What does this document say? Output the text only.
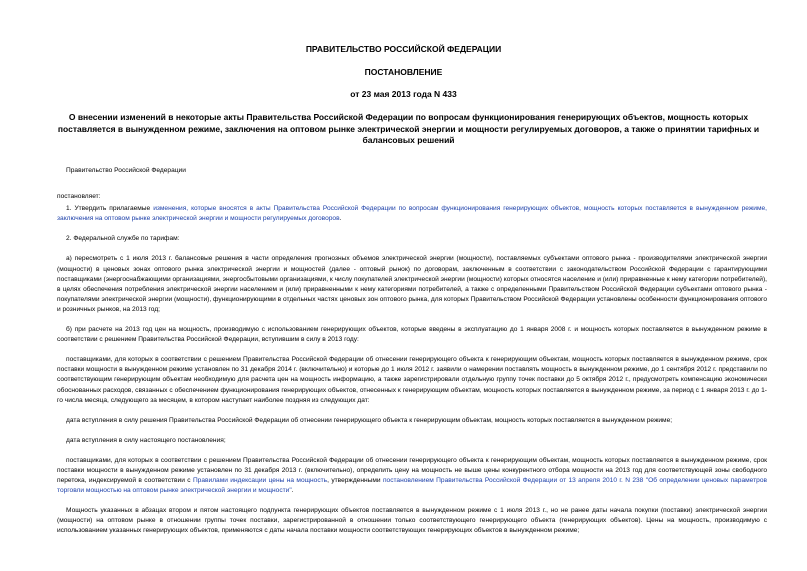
ПРАВИТЕЛЬСТВО РОССИЙСКОЙ ФЕДЕРАЦИИ
ПОСТАНОВЛЕНИЕ
от 23 мая 2013 года N 433
О внесении изменений в некоторые акты Правительства Российской Федерации по вопросам функционирования генерирующих объектов, мощность которых поставляется в вынужденном режиме, заключения на оптовом рынке электрической энергии и мощности регулируемых договоров, а также о принятии тарифных и балансовых решений

Правительство Российской Федерации

постановляет:

1. Утвердить прилагаемые изменения, которые вносятся в акты Правительства Российской Федерации по вопросам функционирования генерирующих объектов, мощность которых поставляется в вынужденном режиме, заключения на оптовом рынке электрической энергии и мощности регулируемых договоров.

2. Федеральной службе по тарифам:

а) пересмотреть с 1 июля 2013 г. балансовые решения в части определения прогнозных объемов электрической энергии (мощности), поставляемых субъектами оптового рынка - производителями электрической энергии (мощности) в ценовых зонах оптового рынка электрической энергии и мощностей (далее - оптовый рынок) по договорам, заключенным в соответствии с законодательством Российской Федерации с гарантирующими поставщиками (энергоснабжающими организациями, энергосбытовыми организациями, к числу покупателей электрической энергии (мощности) которых относятся население и (или) приравненные к нему категории потребителей), в целях обеспечения потребления электрической энергии населением и (или) приравненными к нему категориями потребителей, а также с определенными Правительством Российской Федерации субъектами оптового рынка - покупателями электрической энергии (мощности), функционирующими в отдельных частях ценовых зон оптового рынка, для которых Правительством Российской Федерации установлены особенности функционирования оптового и розничных рынков, на 2013 год;

б) при расчете на 2013 год цен на мощность, производимую с использованием генерирующих объектов, которые введены в эксплуатацию до 1 января 2008 г. и мощность которых поставляется в вынужденном режиме в соответствии с решением Правительства Российской Федерации, вступившим в силу в 2013 году:

поставщиками, для которых в соответствии с решением Правительства Российской Федерации об отнесении генерирующего объекта к генерирующим объектам, мощность которых поставляется в вынужденном режиме, срок поставки мощности в вынужденном режиме установлен по 31 декабря 2014 г. (включительно) и которые до 1 июля 2012 г. заявили о намерении поставлять мощность в вынужденном режиме, до 1 сентября 2012 г. представили по соответствующим генерирующим объектам необходимую для расчета цен на мощность информацию, а также зарегистрировали отдельную группу точек поставки до 5 октября 2012 г., предусмотреть компенсацию экономически обоснованных расходов, связанных с обеспечением функционирования генерирующих объектов, отнесенных к генерирующим объектам, мощность которых поставляется в вынужденном режиме, за период с 1 января 2013 г. до 1-го числа месяца, следующего за месяцем, в котором наступает наиболее поздняя из следующих дат:

дата вступления в силу решения Правительства Российской Федерации об отнесении генерирующего объекта к генерирующим объектам, мощность которых поставляется в вынужденном режиме;

дата вступления в силу настоящего постановления;

поставщиками, для которых в соответствии с решением Правительства Российской Федерации об отнесении генерирующего объекта к генерирующим объектам, мощность которых поставляется в вынужденном режиме, срок поставки мощности в вынужденном режиме установлен по 31 декабря 2013 г. (включительно), определить цену на мощность не выше цены конкурентного отбора мощности на 2013 год для соответствующей зоны свободного перетока, индексируемой в соответствии с Правилами индексации цены на мощность, утвержденными постановлением Правительства Российской Федерации от 13 апреля 2010 г. N 238 "Об определении ценовых параметров торговли мощностью на оптовом рынке электрической энергии и мощности".

Мощность указанных в абзацах втором и пятом настоящего подпункта генерирующих объектов поставляется в вынужденном режиме с 1 июля 2013 г., но не ранее даты начала покупки (поставки) электрической энергии (мощности) на оптовом рынке в отношении группы точек поставки, зарегистрированной в отношении только соответствующего генерирующего объекта (генерирующих объектов). Цены на мощность, производимую с использованием указанных генерирующих объектов, применяются с даты начала поставки мощности соответствующих генерирующих объектов в вынужденном режиме;
